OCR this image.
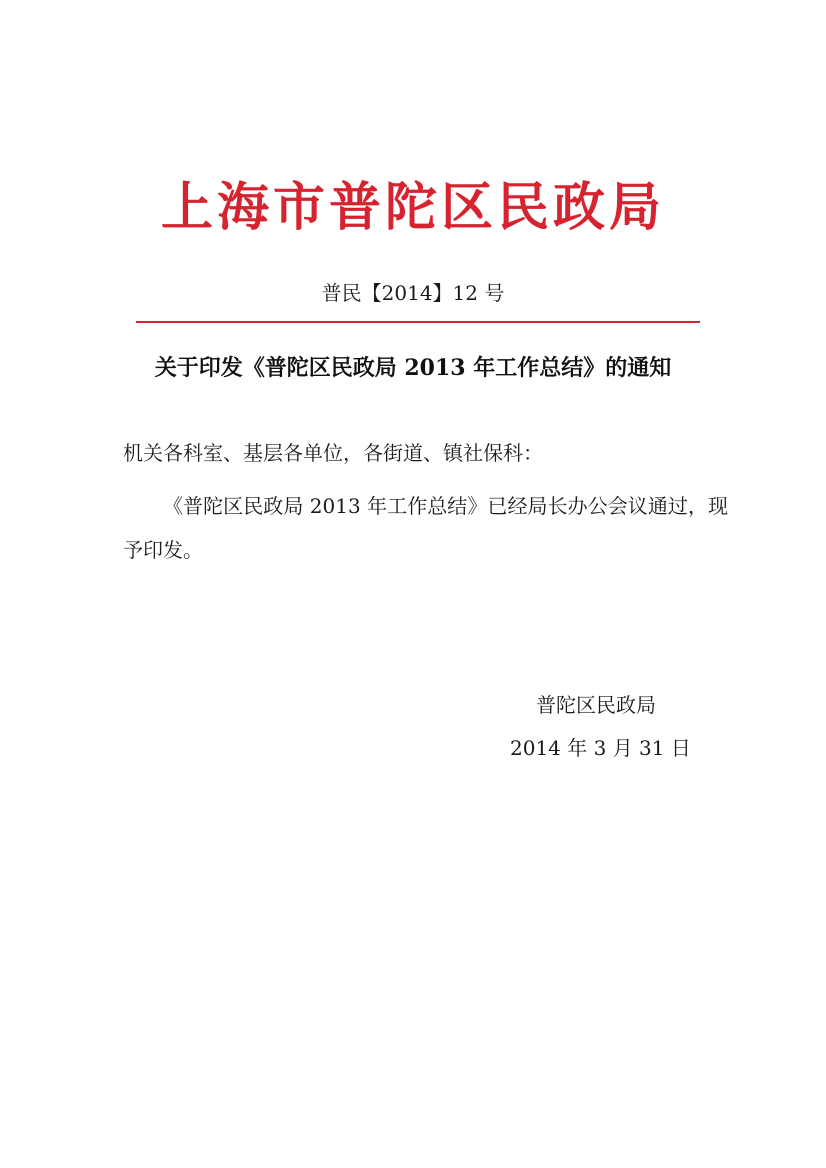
上海市普陀区民政局
普民【2014】12 号
关于印发《普陀区民政局 2013 年工作总结》的通知
机关各科室、基层各单位，各街道、镇社保科：
《普陀区民政局 2013 年工作总结》已经局长办公会议通过，现予印发。
普陀区民政局
2014 年 3 月 31 日
